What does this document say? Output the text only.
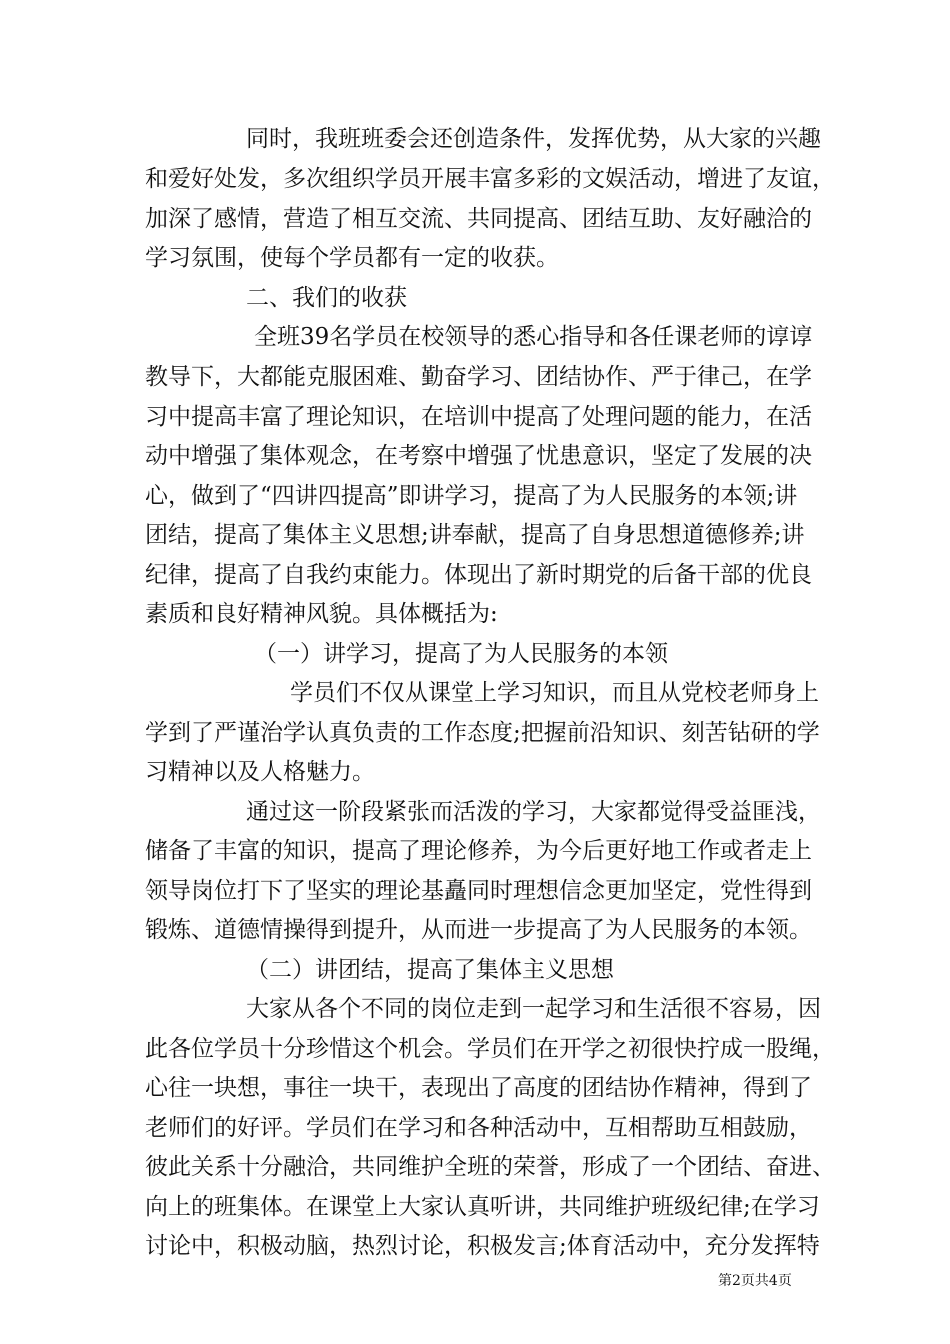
同时，我班班委会还创造条件，发挥优势，从大家的兴趣
和爱好处发，多次组织学员开展丰富多彩的文娱活动，增进了友谊，
加深了感情，营造了相互交流、共同提高、团结互助、友好融洽的
学习氛围，使每个学员都有一定的收获。
二、我们的收获
全班39名学员在校领导的悉心指导和各任课老师的谆谆
教导下，大都能克服困难、勤奋学习、团结协作、严于律己，在学
习中提高丰富了理论知识，在培训中提高了处理问题的能力，在活
动中增强了集体观念，在考察中增强了忧患意识，坚定了发展的决
心，做到了“四讲四提高”即讲学习，提高了为人民服务的本领;讲
团结，提高了集体主义思想;讲奉献，提高了自身思想道德修养;讲
纪律，提高了自我约束能力。体现出了新时期党的后备干部的优良
素质和良好精神风貌。具体概括为:
（一）讲学习，提高了为人民服务的本领
学员们不仅从课堂上学习知识，而且从党校老师身上
学到了严谨治学认真负责的工作态度;把握前沿知识、刻苦钻研的学
习精神以及人格魅力。
通过这一阶段紧张而活泼的学习，大家都觉得受益匪浅，
储备了丰富的知识，提高了理论修养，为今后更好地工作或者走上
领导岗位打下了坚实的理论基矗同时理想信念更加坚定，党性得到
锻炼、道德情操得到提升，从而进一步提高了为人民服务的本领。
（二）讲团结，提高了集体主义思想
大家从各个不同的岗位走到一起学习和生活很不容易，因
此各位学员十分珍惜这个机会。学员们在开学之初很快拧成一股绳，
心往一块想，事往一块干，表现出了高度的团结协作精神，得到了
老师们的好评。学员们在学习和各种活动中，互相帮助互相鼓励，
彼此关系十分融洽，共同维护全班的荣誉，形成了一个团结、奋进、
向上的班集体。在课堂上大家认真听讲，共同维护班级纪律;在学习
讨论中，积极动脑，热烈讨论，积极发言;体育活动中，充分发挥特
第2页共4页
